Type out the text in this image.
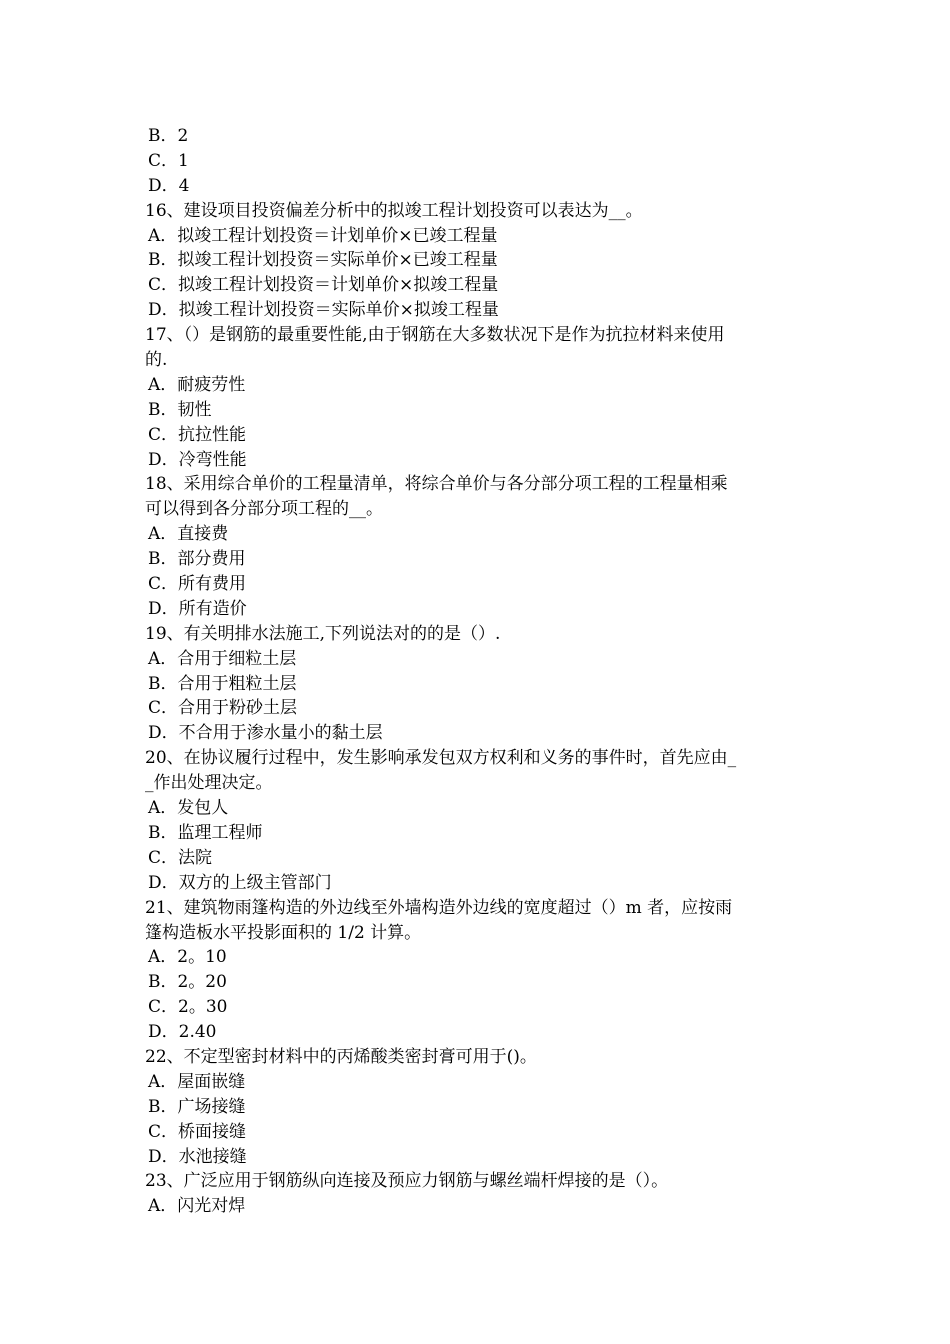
B．2
C．1
D．4
16、建设项目投资偏差分析中的拟竣工程计划投资可以表达为__。
A．拟竣工程计划投资＝计划单价×已竣工程量
B．拟竣工程计划投资＝实际单价×已竣工程量
C．拟竣工程计划投资＝计划单价×拟竣工程量
D．拟竣工程计划投资＝实际单价×拟竣工程量
17、（）是钢筋的最重要性能,由于钢筋在大多数状况下是作为抗拉材料来使用
的.
A．耐疲劳性
B．韧性
C．抗拉性能
D．冷弯性能
18、采用综合单价的工程量清单，将综合单价与各分部分项工程的工程量相乘
可以得到各分部分项工程的__。
A．直接费
B．部分费用
C．所有费用
D．所有造价
19、有关明排水法施工,下列说法对的的是（）.
A．合用于细粒土层
B．合用于粗粒土层
C．合用于粉砂土层
D．不合用于渗水量小的黏土层
20、在协议履行过程中，发生影响承发包双方权利和义务的事件时，首先应由_
_作出处理决定。
A．发包人
B．监理工程师
C．法院
D．双方的上级主管部门
21、建筑物雨篷构造的外边线至外墙构造外边线的宽度超过（）m 者，应按雨
篷构造板水平投影面积的 1/2 计算。
A．2。10
B．2。20
C．2。30
D．2.40
22、不定型密封材料中的丙烯酸类密封膏可用于()。
A．屋面嵌缝
B．广场接缝
C．桥面接缝
D．水池接缝
23、广泛应用于钢筋纵向连接及预应力钢筋与螺丝端杆焊接的是（）。
A．闪光对焊
